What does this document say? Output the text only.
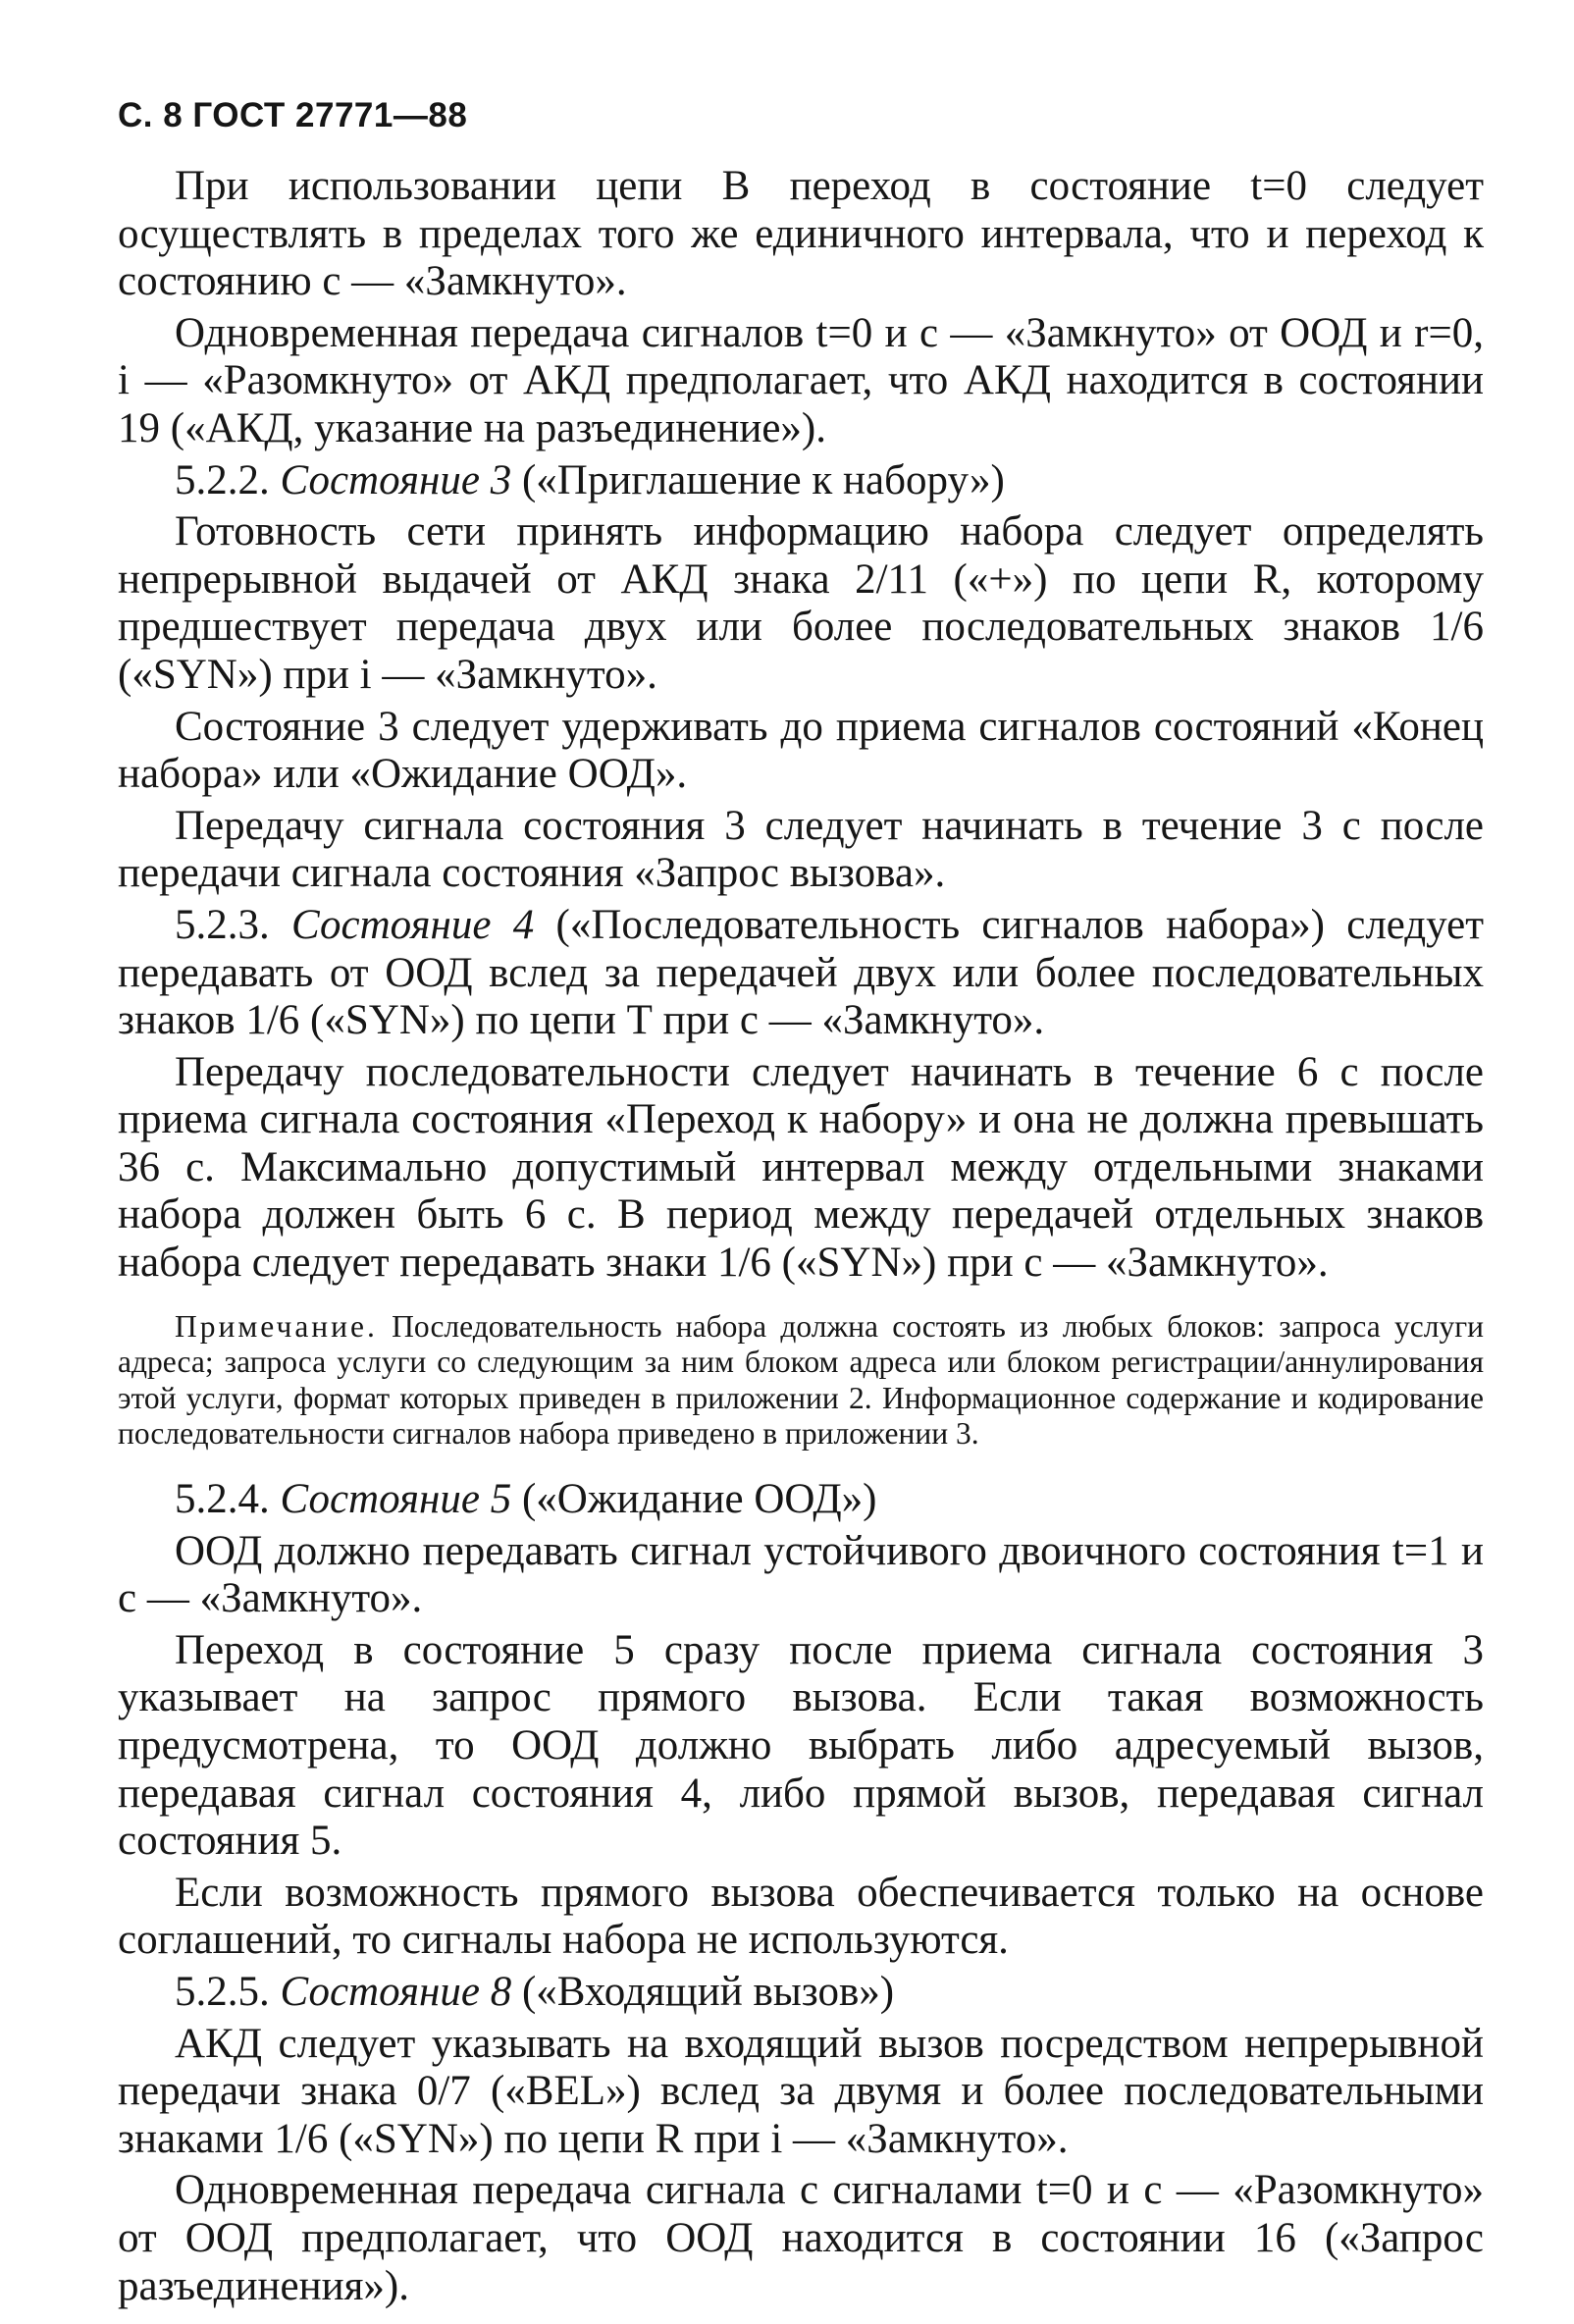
С. 8 ГОСТ 27771—88

При использовании цепи В переход в состояние t=0 следует осуществлять в пределах того же единичного интервала, что и переход к состоянию c — «Замкнуто».

Одновременная передача сигналов t=0 и c — «Замкнуто» от ООД и r=0, i — «Разомкнуто» от АКД предполагает, что АКД находится в состоянии 19 («АКД, указание на разъединение»).

5.2.2. Состояние 3 («Приглашение к набору»)

Готовность сети принять информацию набора следует определять непрерывной выдачей от АКД знака 2/11 («+») по цепи R, которому предшествует передача двух или более последовательных знаков 1/6 («SYN») при i — «Замкнуто».

Состояние 3 следует удерживать до приема сигналов состояний «Конец набора» или «Ожидание ООД».

Передачу сигнала состояния 3 следует начинать в течение 3 с после передачи сигнала состояния «Запрос вызова».

5.2.3. Состояние 4 («Последовательность сигналов набора») следует передавать от ООД вслед за передачей двух или более последовательных знаков 1/6 («SYN») по цепи Т при c — «Замкнуто».

Передачу последовательности следует начинать в течение 6 с после приема сигнала состояния «Переход к набору» и она не должна превышать 36 с. Максимально допустимый интервал между отдельными знаками набора должен быть 6 с. В период между передачей отдельных знаков набора следует передавать знаки 1/6 («SYN») при c — «Замкнуто».

Примечание. Последовательность набора должна состоять из любых блоков: запроса услуги адреса; запроса услуги со следующим за ним блоком адреса или блоком регистрации/аннулирования этой услуги, формат которых приведен в приложении 2. Информационное содержание и кодирование последовательности сигналов набора приведено в приложении 3.

5.2.4. Состояние 5 («Ожидание ООД»)

ООД должно передавать сигнал устойчивого двоичного состояния t=1 и c — «Замкнуто».

Переход в состояние 5 сразу после приема сигнала состояния 3 указывает на запрос прямого вызова. Если такая возможность предусмотрена, то ООД должно выбрать либо адресуемый вызов, передавая сигнал состояния 4, либо прямой вызов, передавая сигнал состояния 5.

Если возможность прямого вызова обеспечивается только на основе соглашений, то сигналы набора не используются.

5.2.5. Состояние 8 («Входящий вызов»)

АКД следует указывать на входящий вызов посредством непрерывной передачи знака 0/7 («BEL») вслед за двумя и более последовательными знаками 1/6 («SYN») по цепи R при i — «Замкнуто».

Одновременная передача сигнала с сигналами t=0 и c — «Разомкнуто» от ООД предполагает, что ООД находится в состоянии 16 («Запрос разъединения»).
